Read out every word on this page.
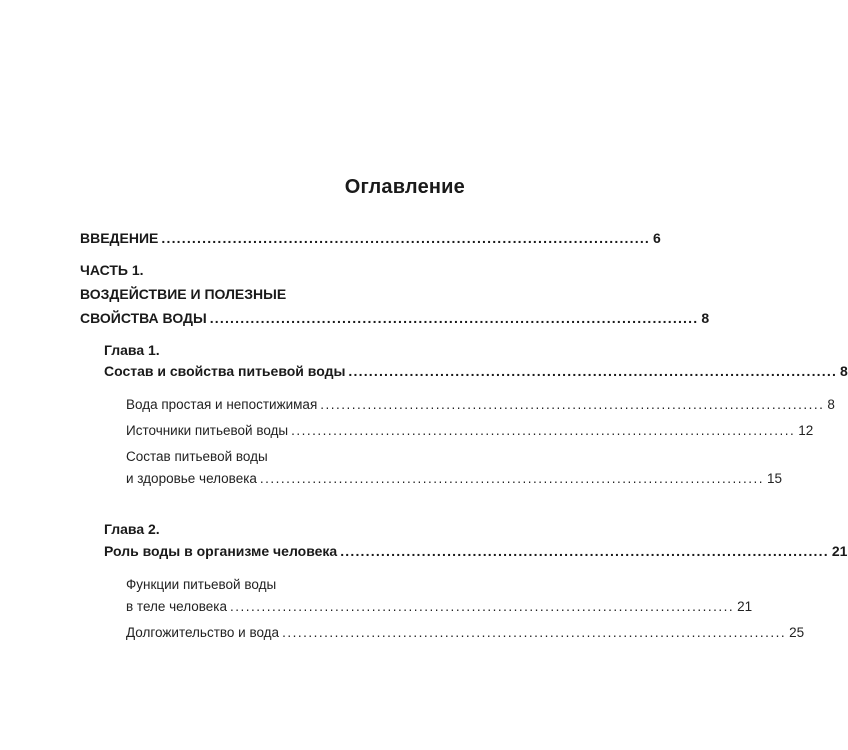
Оглавление
ВВЕДЕНИЕ ................................................................................................ 6
ЧАСТЬ 1.
ВОЗДЕЙСТВИЕ И ПОЛЕЗНЫЕ
СВОЙСТВА ВОДЫ ................................................................................................ 8
Глава 1.
Состав и свойства питьевой воды ................................................................................................ 8
Вода простая и непостижимая ................................................................................................ 8
Источники питьевой воды ................................................................................................ 12
Состав питьевой воды
и здоровье человека ................................................................................................ 15
Глава 2.
Роль воды в организме человека ................................................................................................ 21
Функции питьевой воды
в теле человека ................................................................................................ 21
Долгожительство и вода ................................................................................................ 25
